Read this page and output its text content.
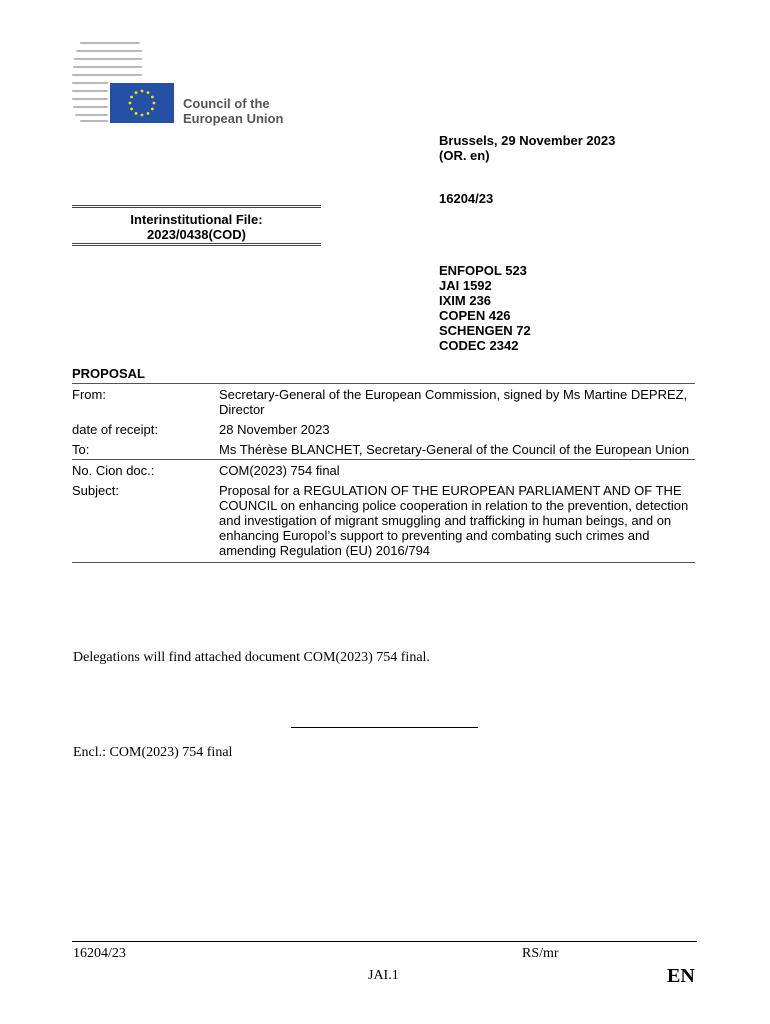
Council of the
European Union
Brussels, 29 November 2023
(OR. en)
16204/23
Interinstitutional File:
2023/0438(COD)
ENFOPOL 523
JAI 1592
IXIM 236
COPEN 426
SCHENGEN 72
CODEC 2342
PROPOSAL
From:	Secretary-General of the European Commission, signed by Ms Martine DEPREZ, Director
date of receipt:	28 November 2023
To:	Ms Thérèse BLANCHET, Secretary-General of the Council of the European Union
No. Cion doc.:	COM(2023) 754 final
Subject:	Proposal for a REGULATION OF THE EUROPEAN PARLIAMENT AND OF THE COUNCIL on enhancing police cooperation in relation to the prevention, detection and investigation of migrant smuggling and trafficking in human beings, and on enhancing Europol’s support to preventing and combating such crimes and amending Regulation (EU) 2016/794
Delegations will find attached document COM(2023) 754 final.
Encl.: COM(2023) 754 final
16204/23	RS/mr
JAI.1	EN
